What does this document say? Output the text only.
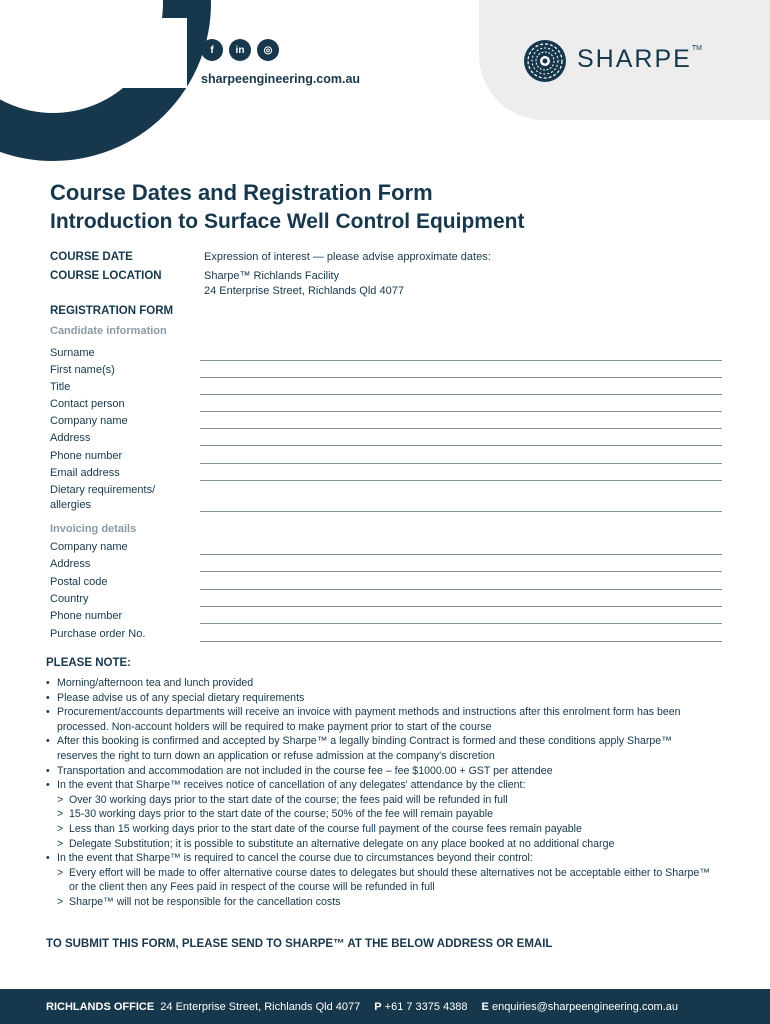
f	in	◎
sharpeengineering.com.au
SHARPE™
Course Dates and Registration Form
Introduction to Surface Well Control Equipment
COURSE DATE	Expression of interest — please advise approximate dates:
COURSE LOCATION	Sharpe™ Richlands Facility
24 Enterprise Street, Richlands Qld 4077
REGISTRATION FORM
Candidate information
Surname
First name(s)
Title
Contact person
Company name
Address
Phone number
Email address
Dietary requirements/
allergies
Invoicing details
Company name
Address
Postal code
Country
Phone number
Purchase order No.
PLEASE NOTE:
• Morning/afternoon tea and lunch provided
• Please advise us of any special dietary requirements
• Procurement/accounts departments will receive an invoice with payment methods and instructions after this enrolment form has been processed. Non-account holders will be required to make payment prior to start of the course
• After this booking is confirmed and accepted by Sharpe™ a legally binding Contract is formed and these conditions apply Sharpe™ reserves the right to turn down an application or refuse admission at the company's discretion
• Transportation and accommodation are not included in the course fee – fee $1000.00 + GST per attendee
• In the event that Sharpe™ receives notice of cancellation of any delegates' attendance by the client:
> Over 30 working days prior to the start date of the course; the fees paid will be refunded in full
> 15-30 working days prior to the start date of the course; 50% of the fee will remain payable
> Less than 15 working days prior to the start date of the course full payment of the course fees remain payable
> Delegate Substitution; it is possible to substitute an alternative delegate on any place booked at no additional charge
• In the event that Sharpe™ is required to cancel the course due to circumstances beyond their control:
> Every effort will be made to offer alternative course dates to delegates but should these alternatives not be acceptable either to Sharpe™ or the client then any Fees paid in respect of the course will be refunded in full
> Sharpe™ will not be responsible for the cancellation costs
TO SUBMIT THIS FORM, PLEASE SEND TO SHARPE™ AT THE BELOW ADDRESS OR EMAIL
RICHLANDS OFFICE
24 Enterprise Street, Richlands Qld 4077 P
+61 7 3375 4388 E
enquiries@sharpeengineering.com.au
